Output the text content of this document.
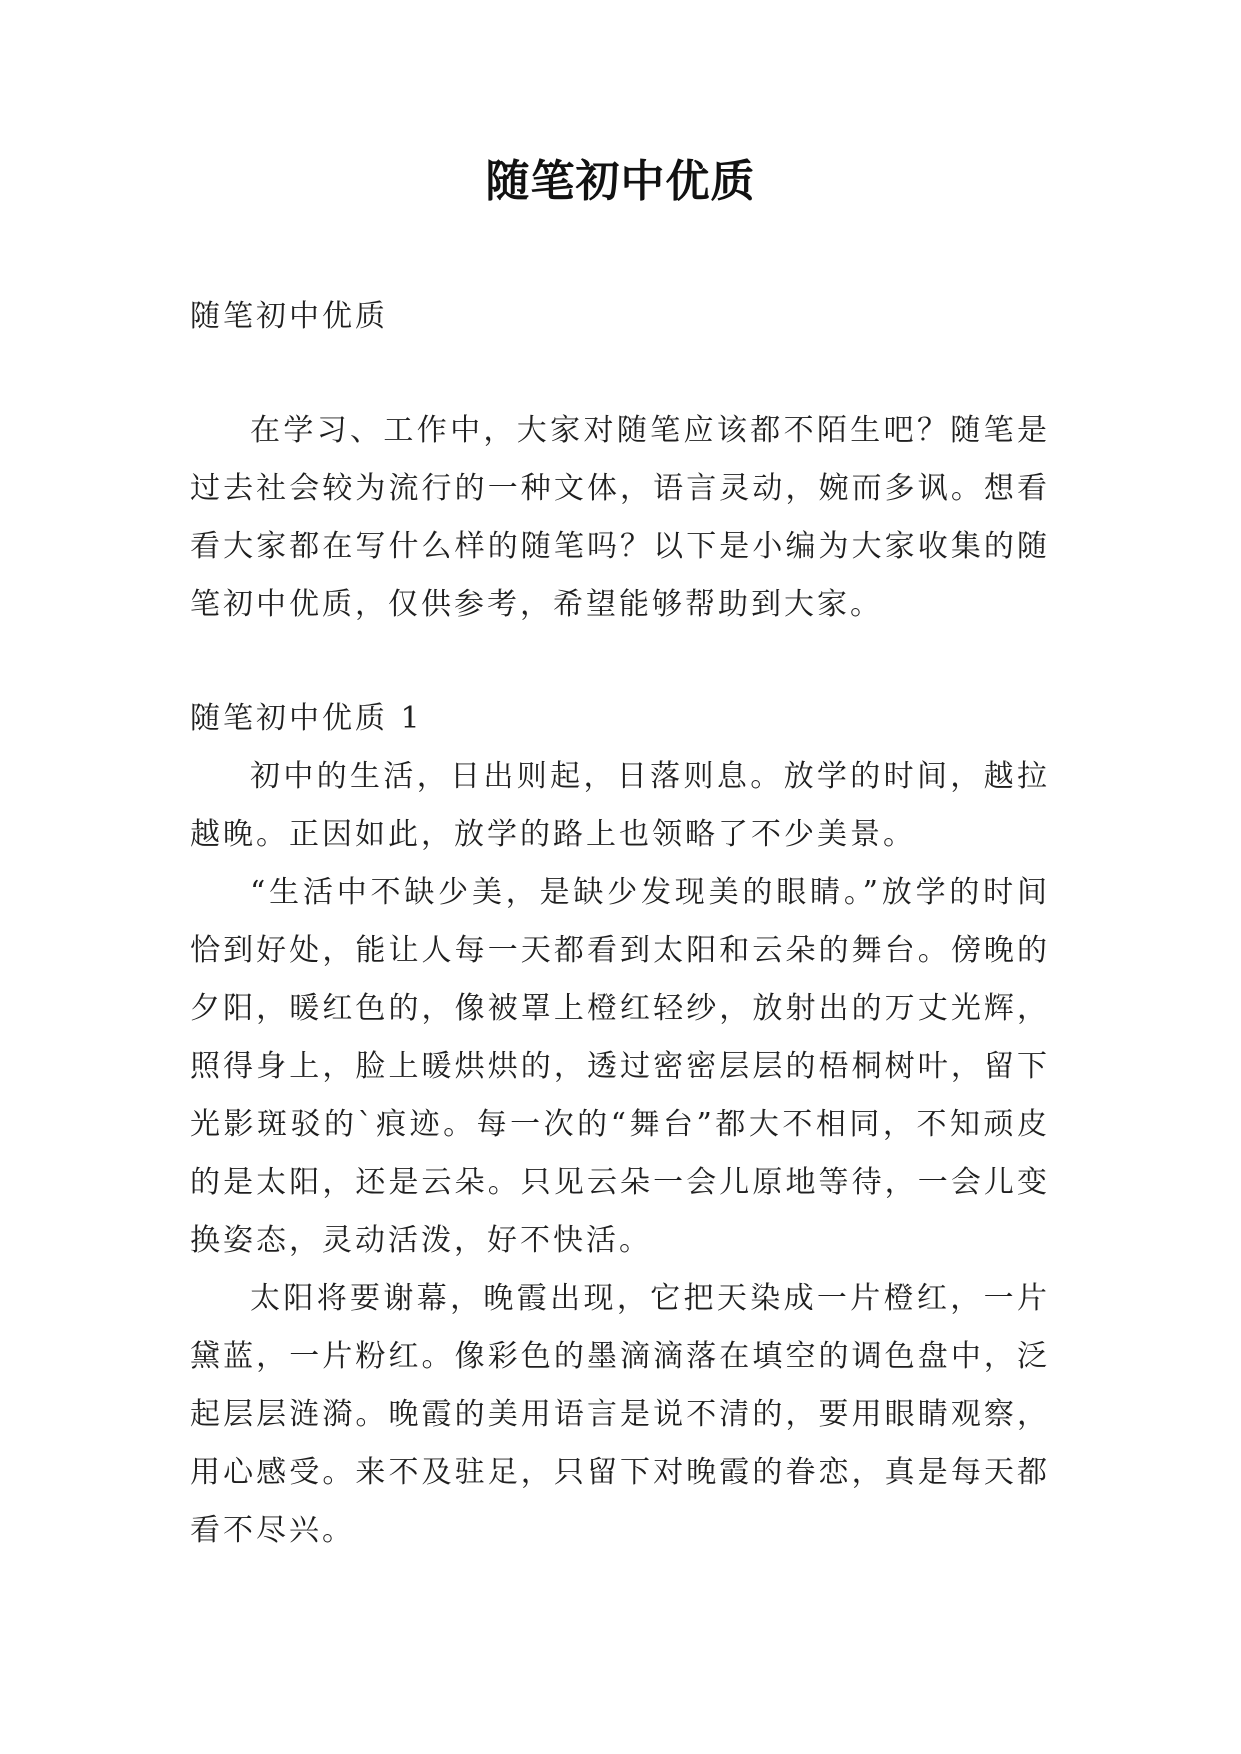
随笔初中优质

随笔初中优质

在学习、工作中，大家对随笔应该都不陌生吧？随笔是过去社会较为流行的一种文体，语言灵动，婉而多讽。想看看大家都在写什么样的随笔吗？以下是小编为大家收集的随笔初中优质，仅供参考，希望能够帮助到大家。

随笔初中优质 1

初中的生活，日出则起，日落则息。放学的时间，越拉越晚。正因如此，放学的路上也领略了不少美景。

“生活中不缺少美，是缺少发现美的眼睛。”放学的时间恰到好处，能让人每一天都看到太阳和云朵的舞台。傍晚的夕阳，暖红色的，像被罩上橙红轻纱，放射出的万丈光辉，照得身上，脸上暖烘烘的，透过密密层层的梧桐树叶，留下光影斑驳的`痕迹。每一次的“舞台”都大不相同，不知顽皮的是太阳，还是云朵。只见云朵一会儿原地等待，一会儿变换姿态，灵动活泼，好不快活。

太阳将要谢幕，晚霞出现，它把天染成一片橙红，一片黛蓝，一片粉红。像彩色的墨滴滴落在填空的调色盘中，泛起层层涟漪。晚霞的美用语言是说不清的，要用眼睛观察，用心感受。来不及驻足，只留下对晚霞的眷恋，真是每天都看不尽兴。
